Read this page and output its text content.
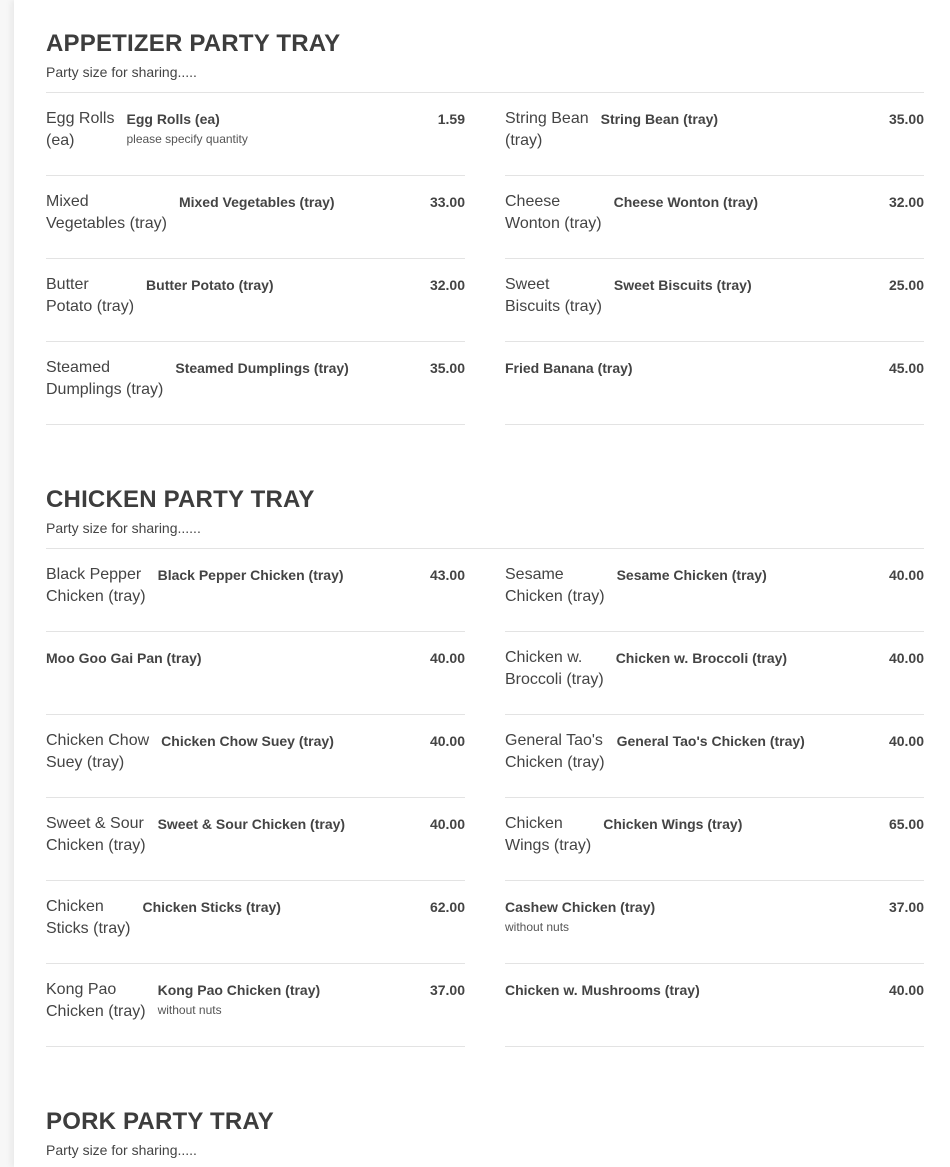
APPETIZER PARTY TRAY
Party size for sharing.....
Egg Rolls
(ea)
Egg Rolls (ea)
please specify quantity
1.59	String Bean
(tray)
String Bean (tray)	35.00
Mixed
Vegetables (tray)
Mixed Vegetables (tray)	33.00	Cheese
Wonton (tray)
Cheese Wonton (tray)	32.00
Butter
Potato (tray)
Butter Potato (tray)	32.00	Sweet
Biscuits (tray)
Sweet Biscuits (tray)	25.00
Steamed
Dumplings (tray)
Steamed Dumplings (tray)	35.00	Fried Banana (tray)	45.00
CHICKEN PARTY TRAY
Party size for sharing......
Black Pepper
Chicken (tray)
Black Pepper Chicken (tray)	43.00	Sesame
Chicken (tray)
Sesame Chicken (tray)	40.00
Moo Goo Gai Pan (tray)	40.00	Chicken w.
Broccoli (tray)
Chicken w. Broccoli (tray)	40.00
Chicken Chow
Suey (tray)
Chicken Chow Suey (tray)	40.00	General Tao's
Chicken (tray)
General Tao's Chicken (tray)	40.00
Sweet & Sour
Chicken (tray)
Sweet & Sour Chicken (tray)	40.00	Chicken
Wings (tray)
Chicken Wings (tray)	65.00
Chicken
Sticks (tray)
Chicken Sticks (tray)	62.00	Cashew Chicken (tray)
without nuts
37.00
Kong Pao
Chicken (tray)
Kong Pao Chicken (tray)
without nuts
37.00	Chicken w. Mushrooms (tray)	40.00
PORK PARTY TRAY
Party size for sharing.....
